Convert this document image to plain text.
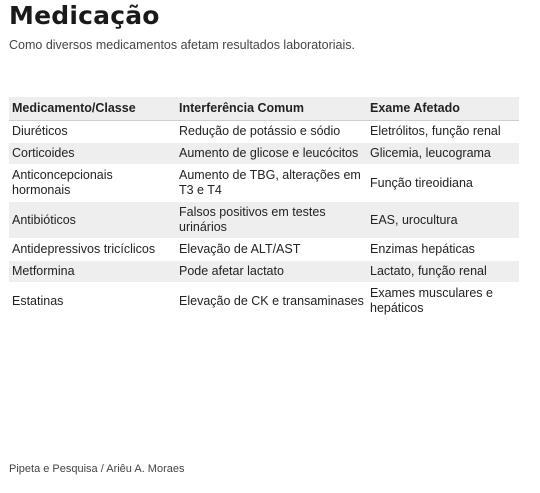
Medicação
Como diversos medicamentos afetam resultados laboratoriais.
Medicamento/Classe	Interferência Comum	Exame Afetado
Diuréticos	Redução de potássio e sódio	Eletrólitos, função renal
Corticoides	Aumento de glicose e leucócitos	Glicemia, leucograma
Anticoncepcionais hormonais	Aumento de TBG, alterações em T3 e T4	Função tireoidiana
Antibióticos	Falsos positivos em testes urinários	EAS, urocultura
Antidepressivos tricíclicos	Elevação de ALT/AST	Enzimas hepáticas
Metformina	Pode afetar lactato	Lactato, função renal
Estatinas	Elevação de CK e transaminases	Exames musculares e hepáticos
Pipeta e Pesquisa / Ariêu A. Moraes
